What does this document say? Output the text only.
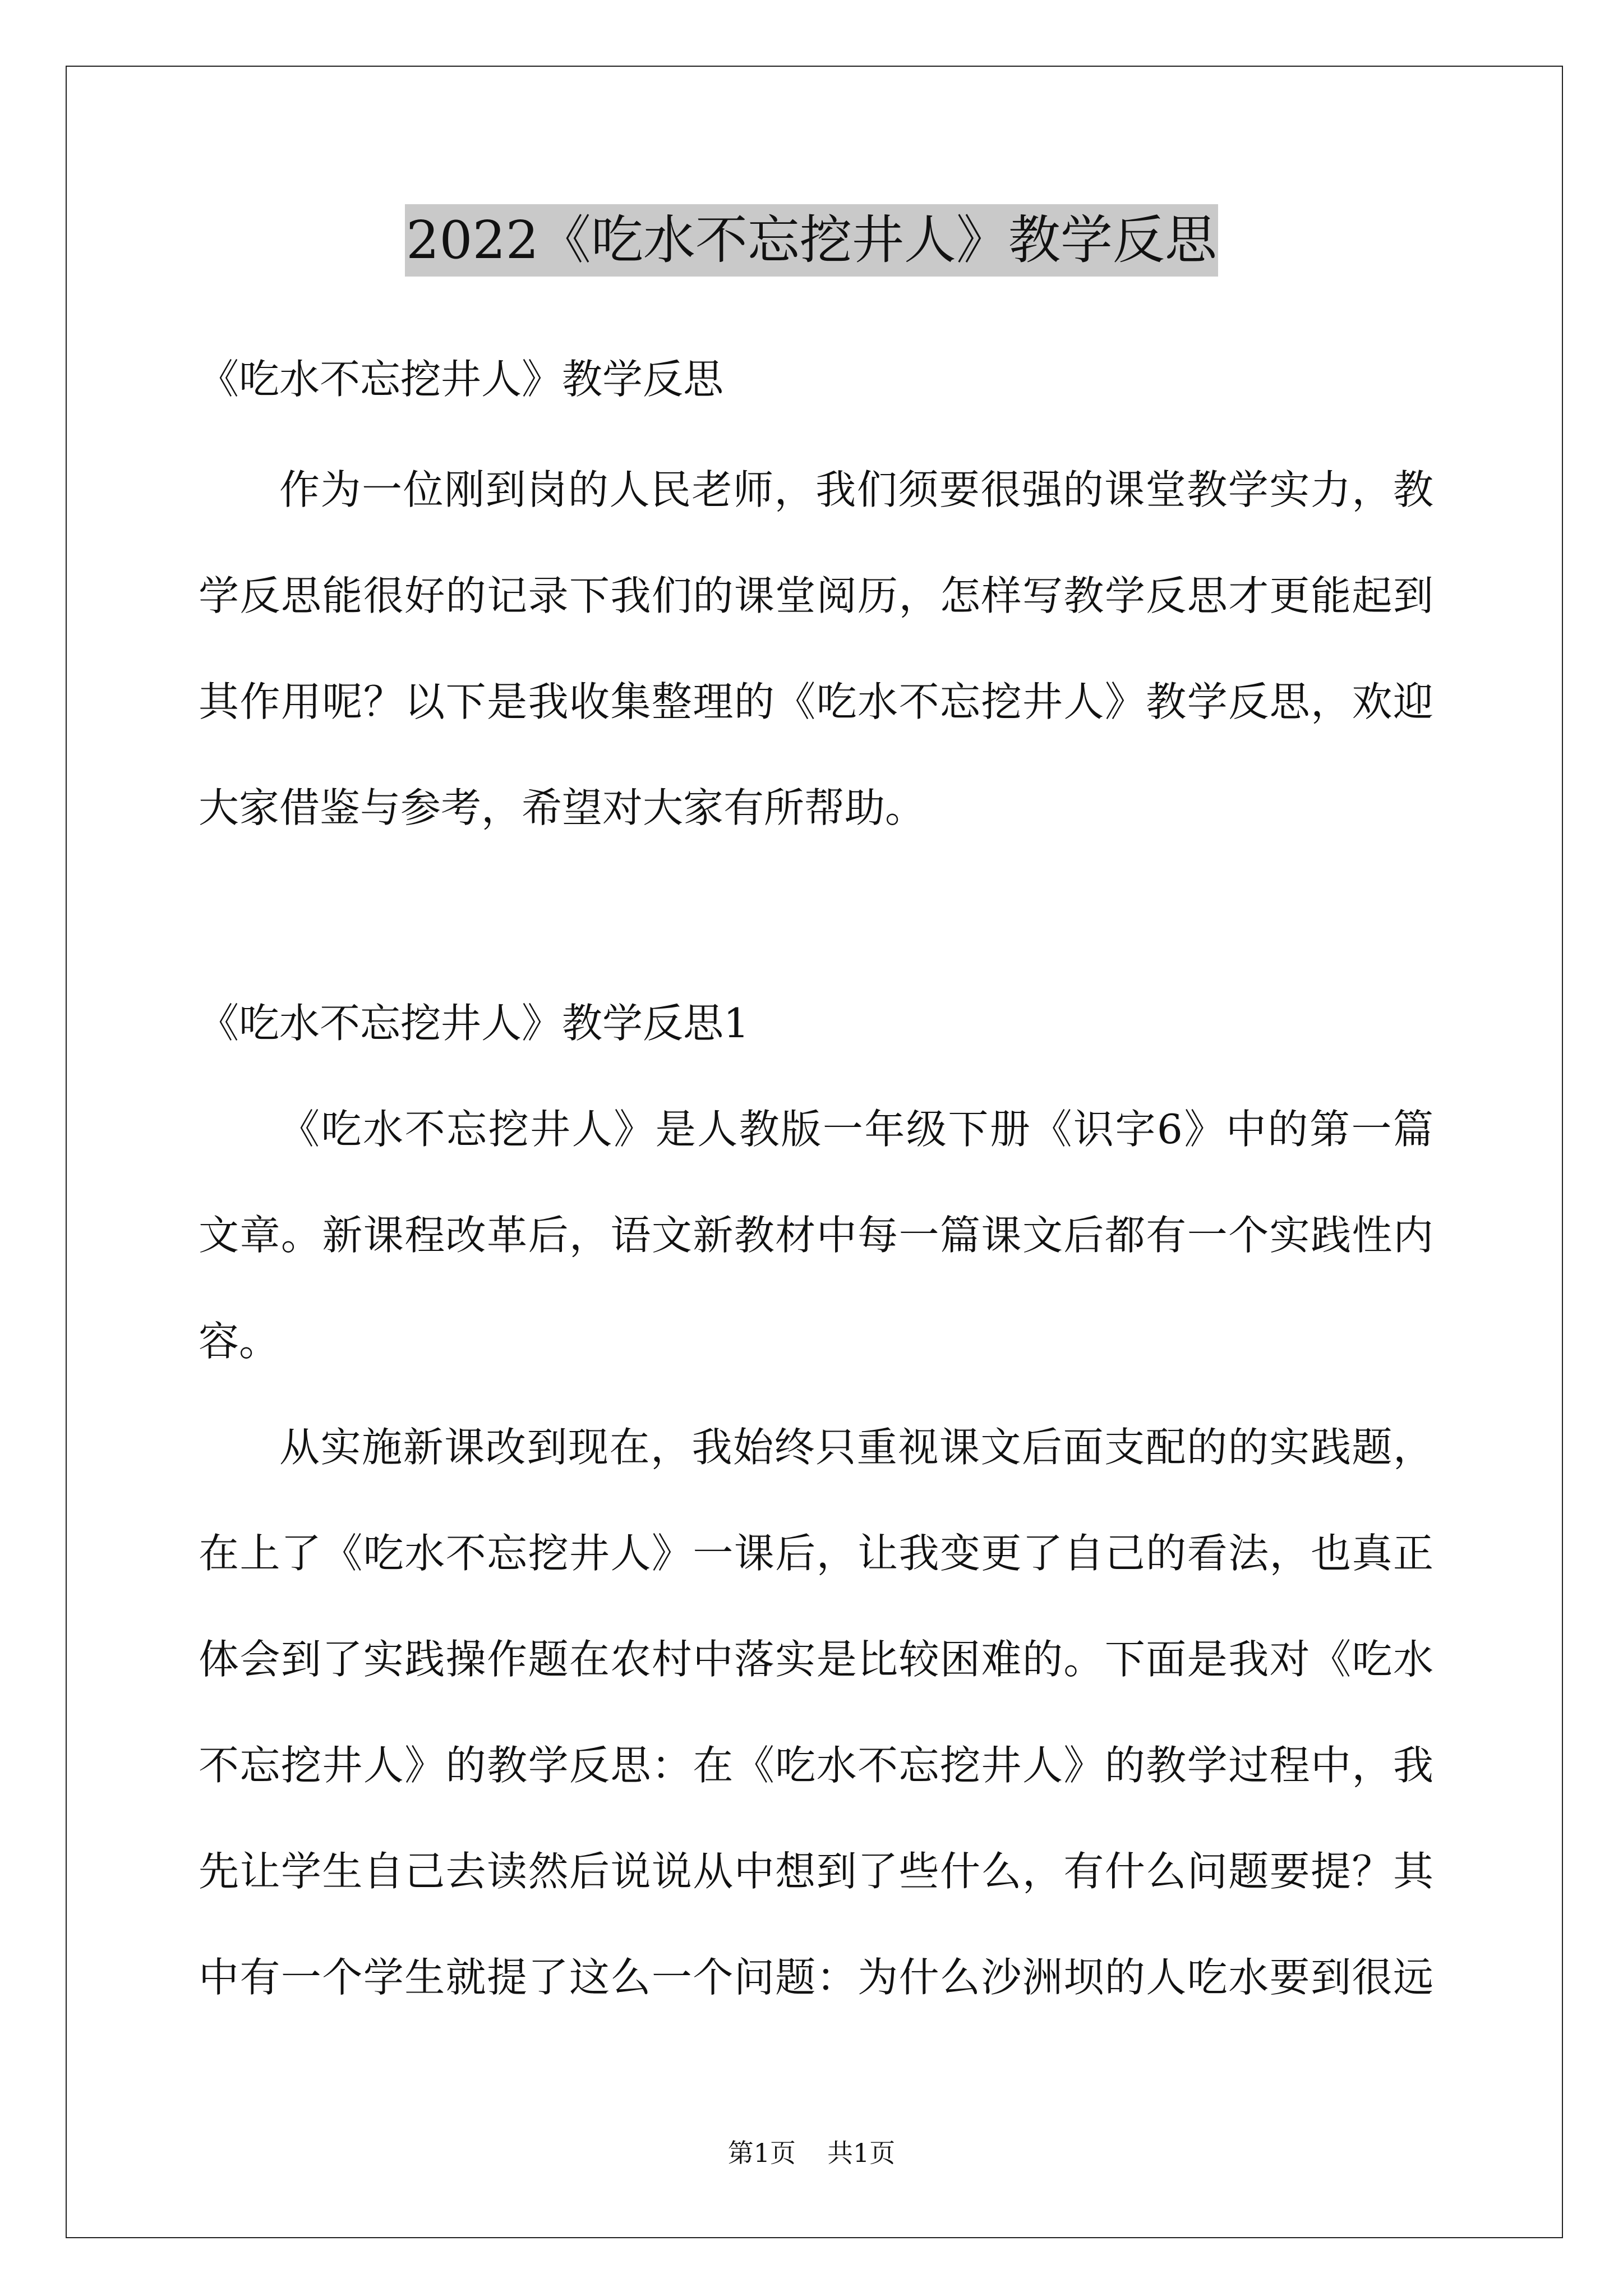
2022《吃水不忘挖井人》教学反思
《吃水不忘挖井人》教学反思
作为一位刚到岗的人民老师，我们须要很强的课堂教学实力，教
学反思能很好的记录下我们的课堂阅历，怎样写教学反思才更能起到
其作用呢？以下是我收集整理的《吃水不忘挖井人》教学反思，欢迎
大家借鉴与参考，希望对大家有所帮助。
《吃水不忘挖井人》教学反思1
《吃水不忘挖井人》是人教版一年级下册《识字6》中的第一篇
文章。新课程改革后，语文新教材中每一篇课文后都有一个实践性内
容。
从实施新课改到现在，我始终只重视课文后面支配的的实践题，
在上了《吃水不忘挖井人》一课后，让我变更了自己的看法，也真正
体会到了实践操作题在农村中落实是比较困难的。下面是我对《吃水
不忘挖井人》的教学反思：在《吃水不忘挖井人》的教学过程中，我
先让学生自己去读然后说说从中想到了些什么，有什么问题要提？其
中有一个学生就提了这么一个问题：为什么沙洲坝的人吃水要到很远
第1页 共1页
